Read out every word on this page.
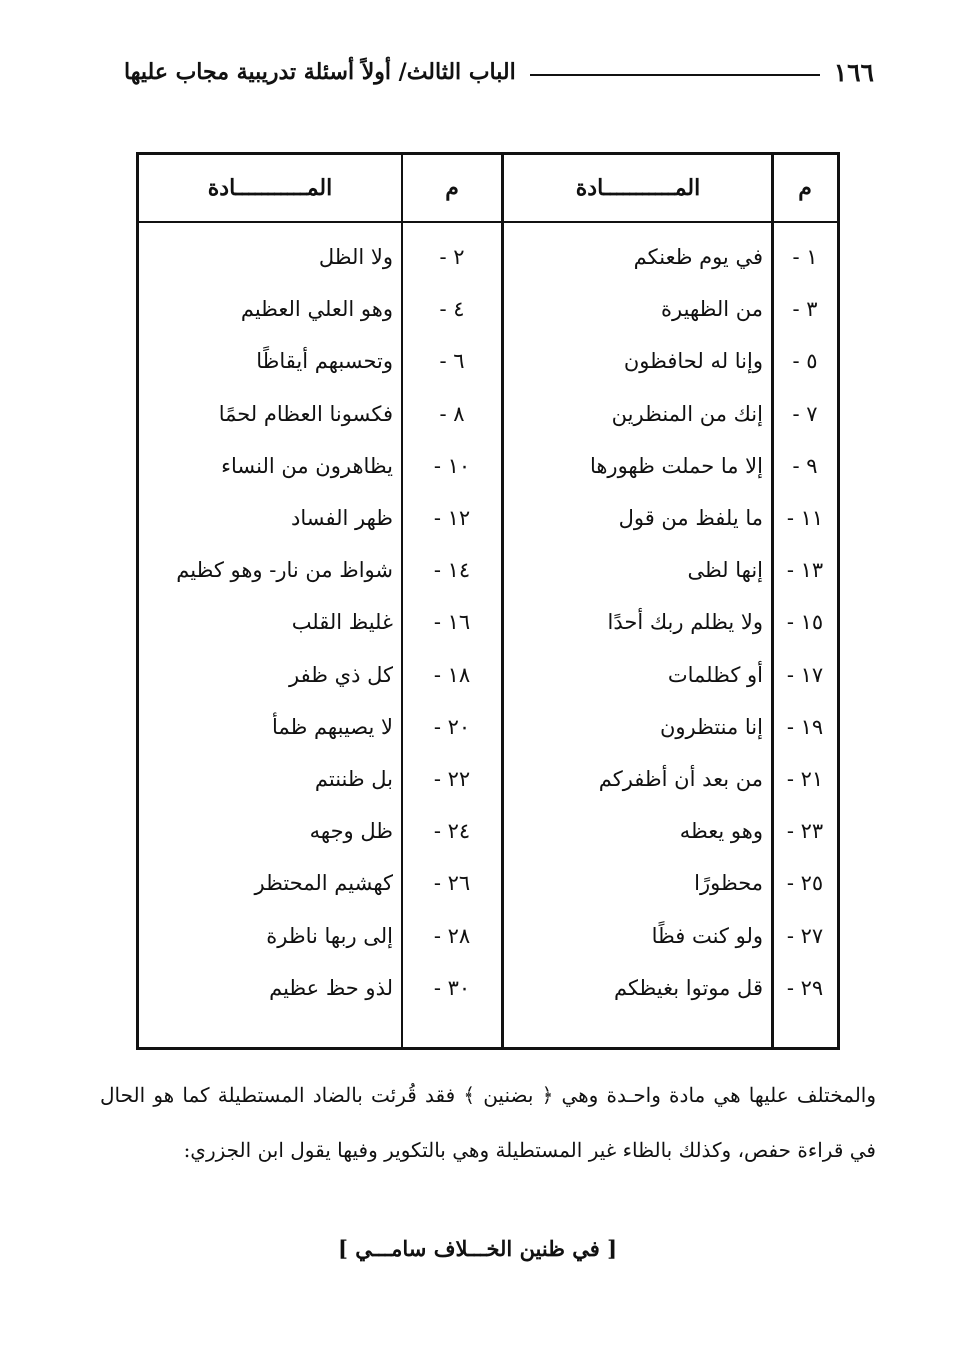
١٦٦
الباب الثالث/ أولاً أسئلة تدريبية مجاب عليها
م
المـــــــــــادة
م
المـــــــــــادة
١ -
في يوم ظعنكم
٢ -
ولا الظل
٣ -
من الظهيرة
٤ -
وهو العلي العظيم
٥ -
وإنا له لحافظون
٦ -
وتحسبهم أيقاظًا
٧ -
إنك من المنظرين
٨ -
فكسونا العظام لحمًا
٩ -
إلا ما حملت ظهورها
١٠ -
يظاهرون من النساء
١١ -
ما يلفظ من قول
١٢ -
ظهر الفساد
١٣ -
إنها لظى
١٤ -
شواظ من نار- وهو كظيم
١٥ -
ولا يظلم ربك أحدًا
١٦ -
غليظ القلب
١٧ -
أو كظلمات
١٨ -
كل ذي ظفر
١٩ -
إنا منتظرون
٢٠ -
لا يصيبهم ظمأ
٢١ -
من بعد أن أظفركم
٢٢ -
بل ظننتم
٢٣ -
وهو يعظه
٢٤ -
ظل وجهه
٢٥ -
محظورًا
٢٦ -
كهشيم المحتظر
٢٧ -
ولو كنت فظًا
٢٨ -
إلى ربها ناظرة
٢٩ -
قل موتوا بغيظكم
٣٠ -
لذو حظ عظيم
والمختلف عليها هي مادة واحـدة وهي ﴿ بضنين ﴾ فقد قُرئت بالضاد المستطيلة كما هو الحال في قراءة حفص، وكذلك بالظاء غير المستطيلة وهي بالتكوير وفيها يقول ابن الجزري:
[ في ظنين الخـــلاف سامـــي ]
